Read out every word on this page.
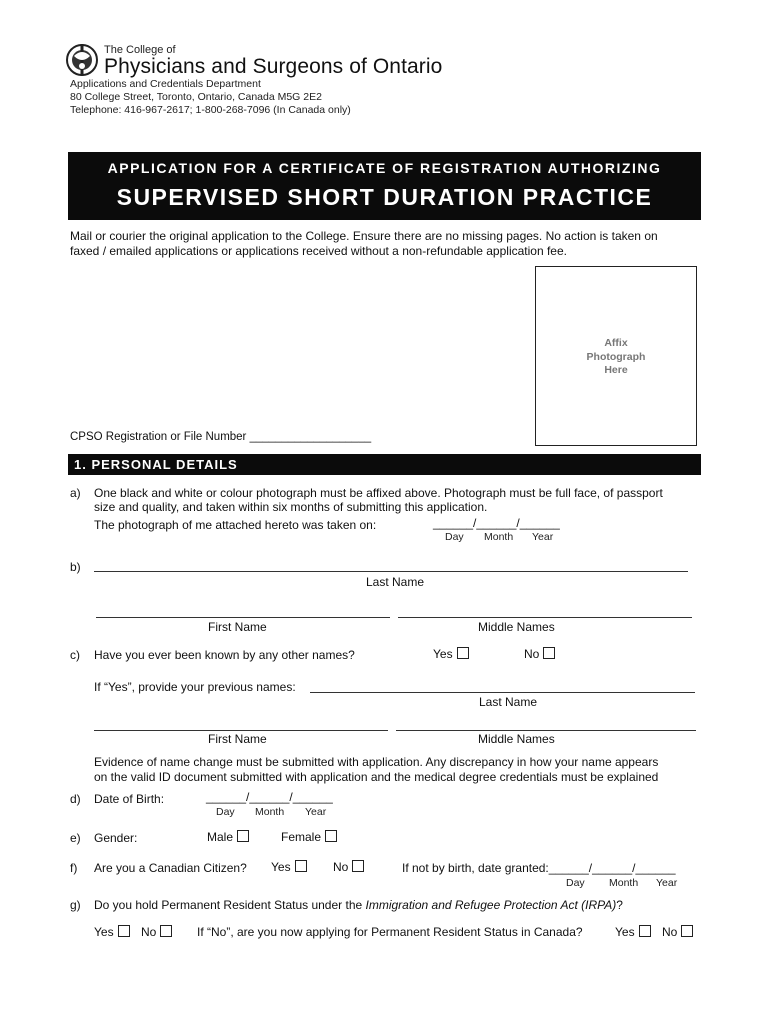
The College of
Physicians and Surgeons of Ontario
Applications and Credentials Department
80 College Street, Toronto, Ontario, Canada M5G 2E2
Telephone: 416-967-2617; 1-800-268-7096 (In Canada only)
APPLICATION FOR A CERTIFICATE OF REGISTRATION AUTHORIZING
SUPERVISED SHORT DURATION PRACTICE
Mail or courier the original application to the College. Ensure there are no missing pages. No action is taken on
faxed / emailed applications or applications received without a non-refundable application fee.
Affix
Photograph
Here
CPSO Registration or File Number ___________________
1. PERSONAL DETAILS
a) One black and white or colour photograph must be affixed above. Photograph must be full face, of passport
size and quality, and taken within six months of submitting this application.
The photograph of me attached hereto was taken on:	______/______/______
Day Month Year
b)
Last Name
First Name	Middle Names
c) Have you ever been known by any other names?	Yes	No
If “Yes”, provide your previous names:
Last Name
First Name	Middle Names
Evidence of name change must be submitted with application. Any discrepancy in how your name appears
on the valid ID document submitted with application and the medical degree credentials must be explained
d) Date of Birth:	______/______/______
Day Month Year
e) Gender:	Male	Female
f) Are you a Canadian Citizen? Yes	No	If not by birth, date granted:______/______/______
Day Month Year
g) Do you hold Permanent Resident Status under the Immigration and Refugee Protection Act (IRPA)?
Yes	No	If “No”, are you now applying for Permanent Resident Status in Canada?	Yes	No
